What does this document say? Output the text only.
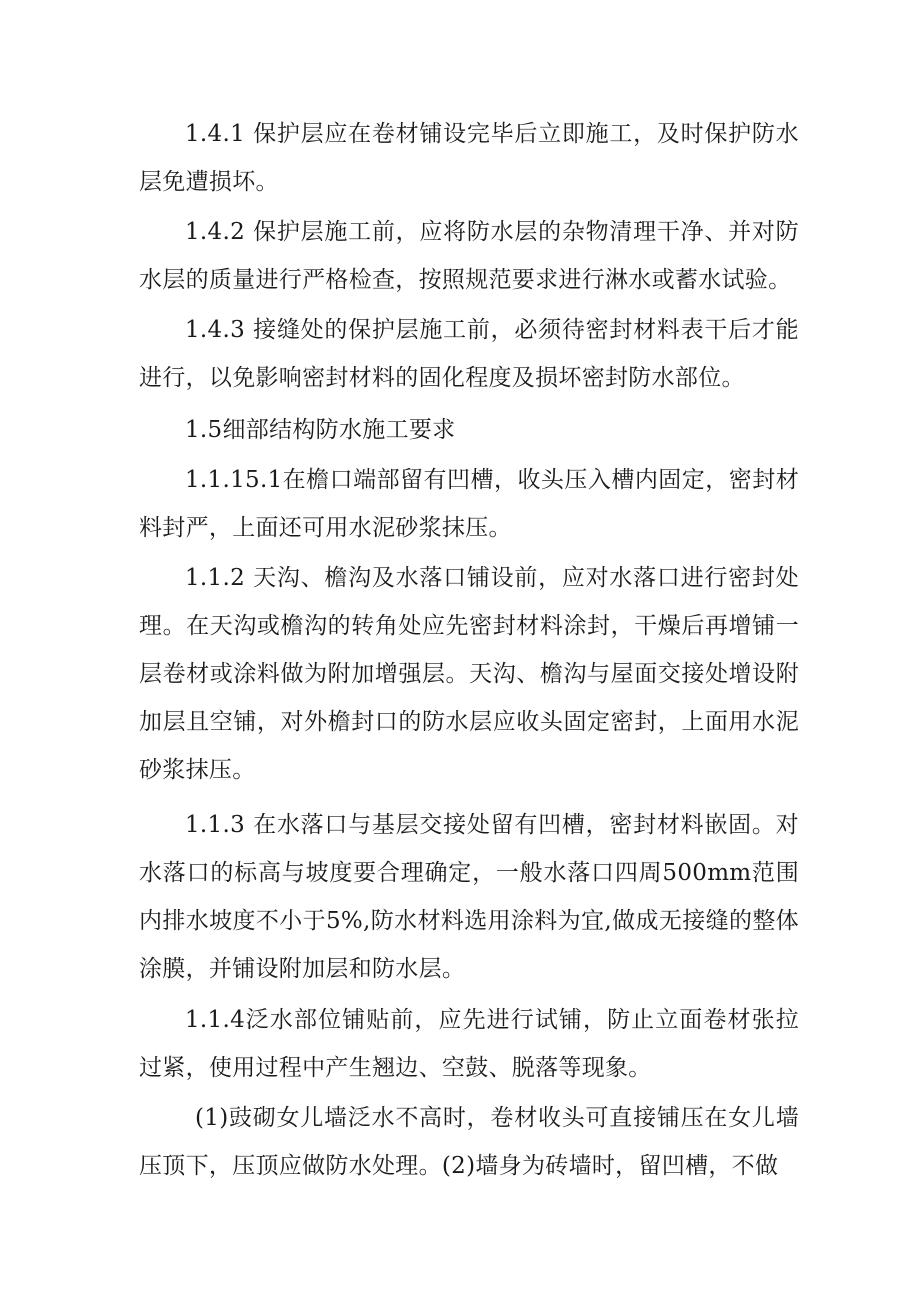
1.4.1 保护层应在卷材铺设完毕后立即施工，及时保护防水层免遭损坏。

1.4.2 保护层施工前，应将防水层的杂物清理干净、并对防水层的质量进行严格检查，按照规范要求进行淋水或蓄水试验。

1.4.3 接缝处的保护层施工前，必须待密封材料表干后才能进行，以免影响密封材料的固化程度及损坏密封防水部位。

1.5细部结构防水施工要求

1.1.15.1在檐口端部留有凹槽，收头压入槽内固定，密封材料封严，上面还可用水泥砂浆抹压。

1.1.2 天沟、檐沟及水落口铺设前，应对水落口进行密封处理。在天沟或檐沟的转角处应先密封材料涂封，干燥后再增铺一层卷材或涂料做为附加增强层。天沟、檐沟与屋面交接处增设附加层且空铺，对外檐封口的防水层应收头固定密封，上面用水泥砂浆抹压。

1.1.3 在水落口与基层交接处留有凹槽，密封材料嵌固。对水落口的标高与坡度要合理确定，一般水落口四周500mm范围内排水坡度不小于5%,防水材料选用涂料为宜,做成无接缝的整体涂膜，并铺设附加层和防水层。

1.1.4泛水部位铺贴前，应先进行试铺，防止立面卷材张拉过紧，使用过程中产生翘边、空鼓、脱落等现象。

(1)豉砌女儿墙泛水不高时，卷材收头可直接铺压在女儿墙压顶下，压顶应做防水处理。(2)墙身为砖墙时，留凹槽，不做
